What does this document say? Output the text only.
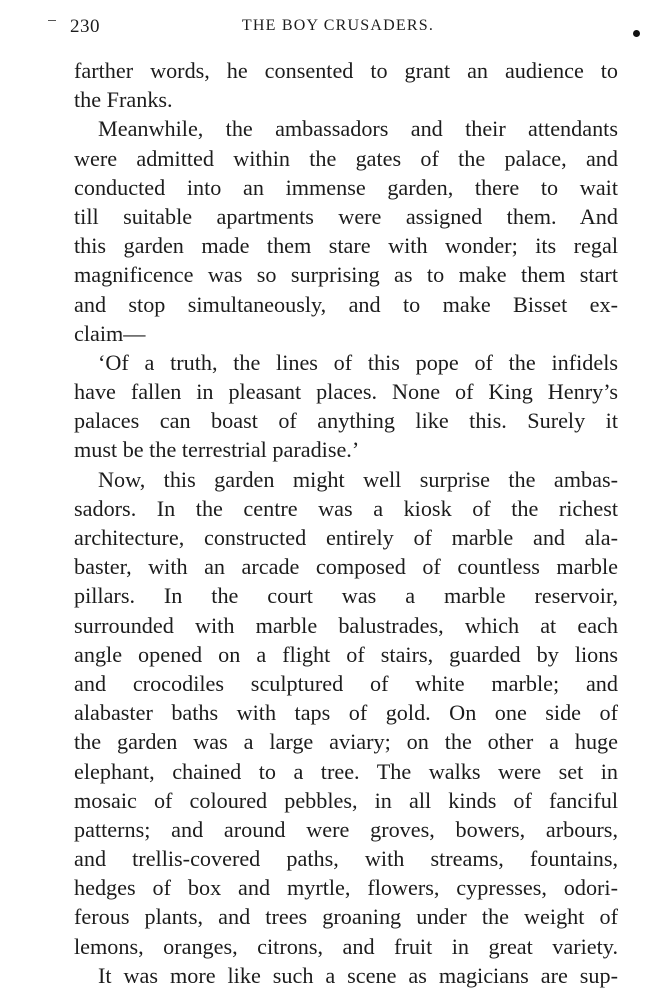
230	THE BOY CRUSADERS.
farther words, he consented to grant an audience to
the Franks.
Meanwhile, the ambassadors and their attendants
were admitted within the gates of the palace, and
conducted into an immense garden, there to wait
till suitable apartments were assigned them. And
this garden made them stare with wonder; its regal
magnificence was so surprising as to make them start
and stop simultaneously, and to make Bisset ex-
claim—
‘Of a truth, the lines of this pope of the infidels
have fallen in pleasant places. None of King Henry’s
palaces can boast of anything like this. Surely it
must be the terrestrial paradise.’
Now, this garden might well surprise the ambas-
sadors. In the centre was a kiosk of the richest
architecture, constructed entirely of marble and ala-
baster, with an arcade composed of countless marble
pillars. In the court was a marble reservoir,
surrounded with marble balustrades, which at each
angle opened on a flight of stairs, guarded by lions
and crocodiles sculptured of white marble; and
alabaster baths with taps of gold. On one side of
the garden was a large aviary; on the other a huge
elephant, chained to a tree. The walks were set in
mosaic of coloured pebbles, in all kinds of fanciful
patterns; and around were groves, bowers, arbours,
and trellis-covered paths, with streams, fountains,
hedges of box and myrtle, flowers, cypresses, odori-
ferous plants, and trees groaning under the weight of
lemons, oranges, citrons, and fruit in great variety.
It was more like such a scene as magicians are sup-
